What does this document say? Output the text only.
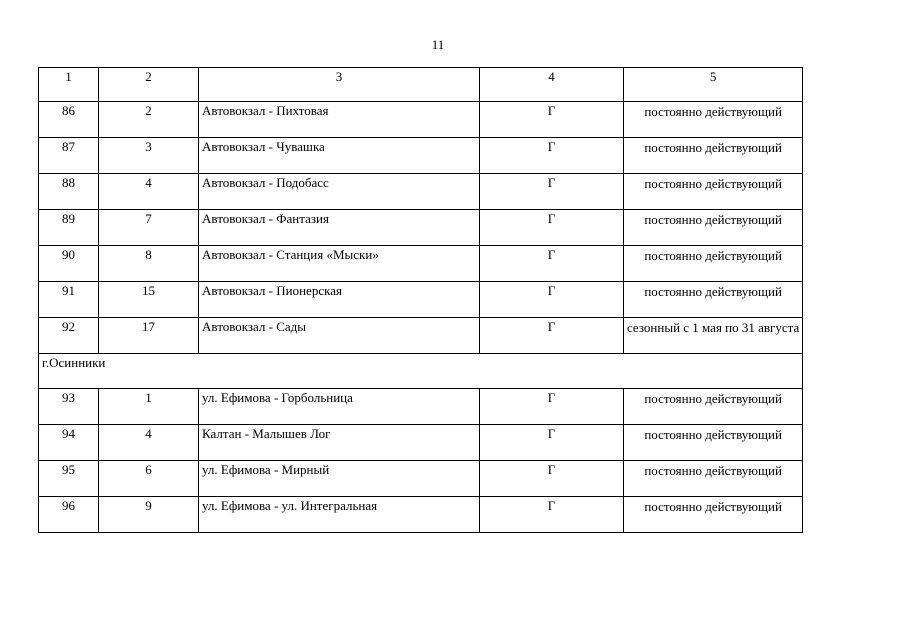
11
1	2	3	4	5
86	2	Автовокзал - Пихтовая	Г	постоянно действующий
87	3	Автовокзал - Чувашка	Г	постоянно действующий
88	4	Автовокзал - Подобасс	Г	постоянно действующий
89	7	Автовокзал - Фантазия	Г	постоянно действующий
90	8	Автовокзал - Станция «Мыски»	Г	постоянно действующий
91	15	Автовокзал - Пионерская	Г	постоянно действующий
92	17	Автовокзал - Сады	Г	сезонный с 1 мая по 31 августа
г.Осинники				
93	1	ул. Ефимова - Горбольница	Г	постоянно действующий
94	4	Калтан - Малышев Лог	Г	постоянно действующий
95	6	ул. Ефимова - Мирный	Г	постоянно действующий
96	9	ул. Ефимова - ул. Интегральная	Г	постоянно действующий
